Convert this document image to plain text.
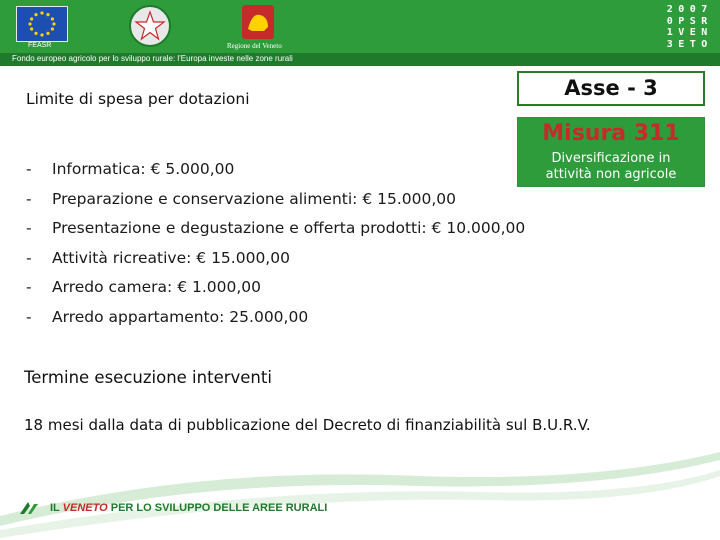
FEASR	Regione del Veneto
2 0 0 7
0 P S R
1 V E N
3 E T O
Fondo europeo agricolo per lo sviluppo rurale: l'Europa investe nelle zone rurali
Asse - 3
Misura 311
Diversificazione in
attività non agricole
Limite di spesa per dotazioni
- Informatica: € 5.000,00
- Preparazione e conservazione alimenti: € 15.000,00
- Presentazione e degustazione e offerta prodotti: € 10.000,00
- Attività ricreative: € 15.000,00
- Arredo camera: € 1.000,00
- Arredo appartamento: 25.000,00
Termine esecuzione interventi
18 mesi dalla data di pubblicazione del Decreto di finanziabilità sul B.U.R.V.
IL VENETO PER LO SVILUPPO DELLE AREE RURALI
